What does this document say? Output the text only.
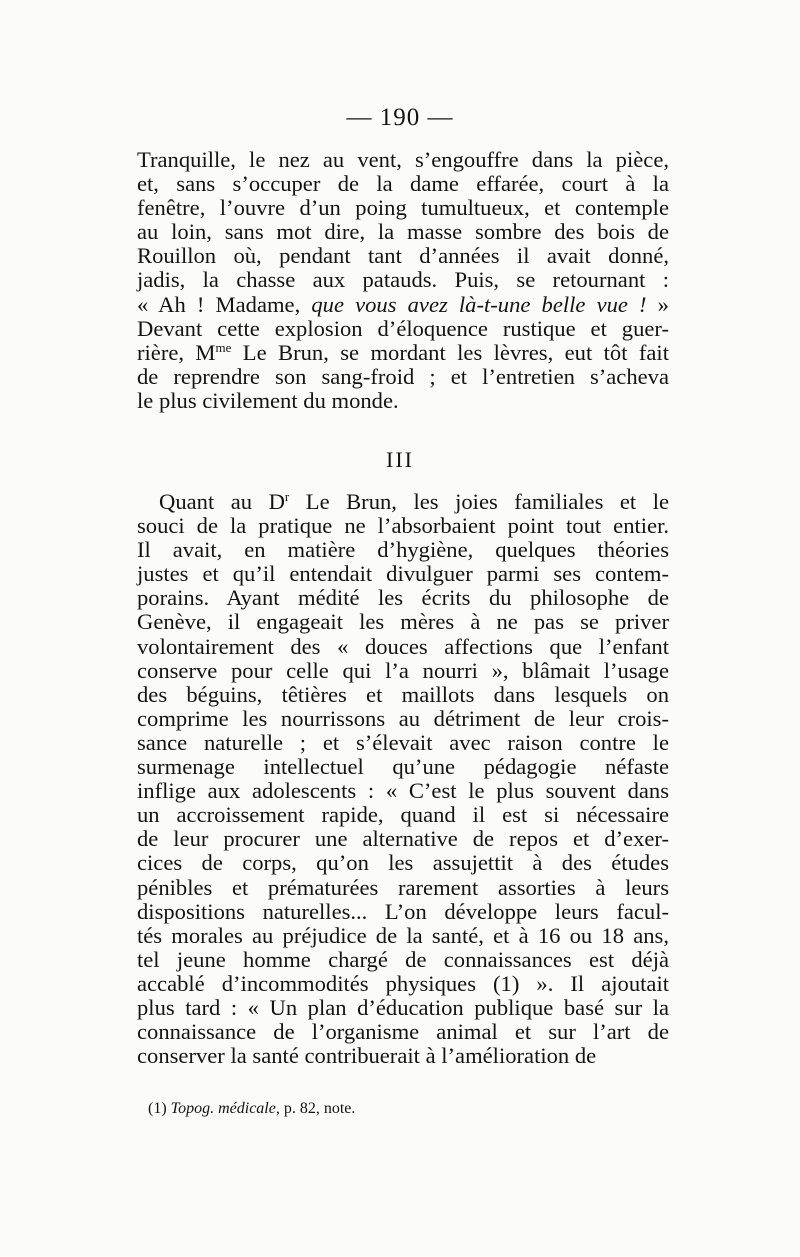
— 190 —
Tranquille, le nez au vent, s’engouffre dans la pièce,
et, sans s’occuper de la dame effarée, court à la
fenêtre, l’ouvre d’un poing tumultueux, et contemple
au loin, sans mot dire, la masse sombre des bois de
Rouillon où, pendant tant d’années il avait donné,
jadis, la chasse aux patauds. Puis, se retournant :
« Ah ! Madame, que vous avez là-t-une belle vue ! »
Devant cette explosion d’éloquence rustique et guer-
rière, $M^{me}$ Le Brun, se mordant les lèvres, eut tôt fait
de reprendre son sang-froid ; et l’entretien s’acheva
le plus civilement du monde.
III
Quant au $D^r$ Le Brun, les joies familiales et le
souci de la pratique ne l’absorbaient point tout entier.
Il avait, en matière d’hygiène, quelques théories
justes et qu’il entendait divulguer parmi ses contem-
porains. Ayant médité les écrits du philosophe de
Genève, il engageait les mères à ne pas se priver
volontairement des « douces affections que l’enfant
conserve pour celle qui l’a nourri », blâmait l’usage
des béguins, têtières et maillots dans lesquels on
comprime les nourrissons au détriment de leur crois-
sance naturelle ; et s’élevait avec raison contre le
surmenage intellectuel qu’une pédagogie néfaste
inflige aux adolescents : « C’est le plus souvent dans
un accroissement rapide, quand il est si nécessaire
de leur procurer une alternative de repos et d’exer-
cices de corps, qu’on les assujettit à des études
pénibles et prématurées rarement assorties à leurs
dispositions naturelles... L’on développe leurs facul-
tés morales au préjudice de la santé, et à 16 ou 18 ans,
tel jeune homme chargé de connaissances est déjà
accablé d’incommodités physiques (1) ». Il ajoutait
plus tard : « Un plan d’éducation publique basé sur la
connaissance de l’organisme animal et sur l’art de
conserver la santé contribuerait à l’amélioration de
(1) Topog. médicale, p. 82, note.
